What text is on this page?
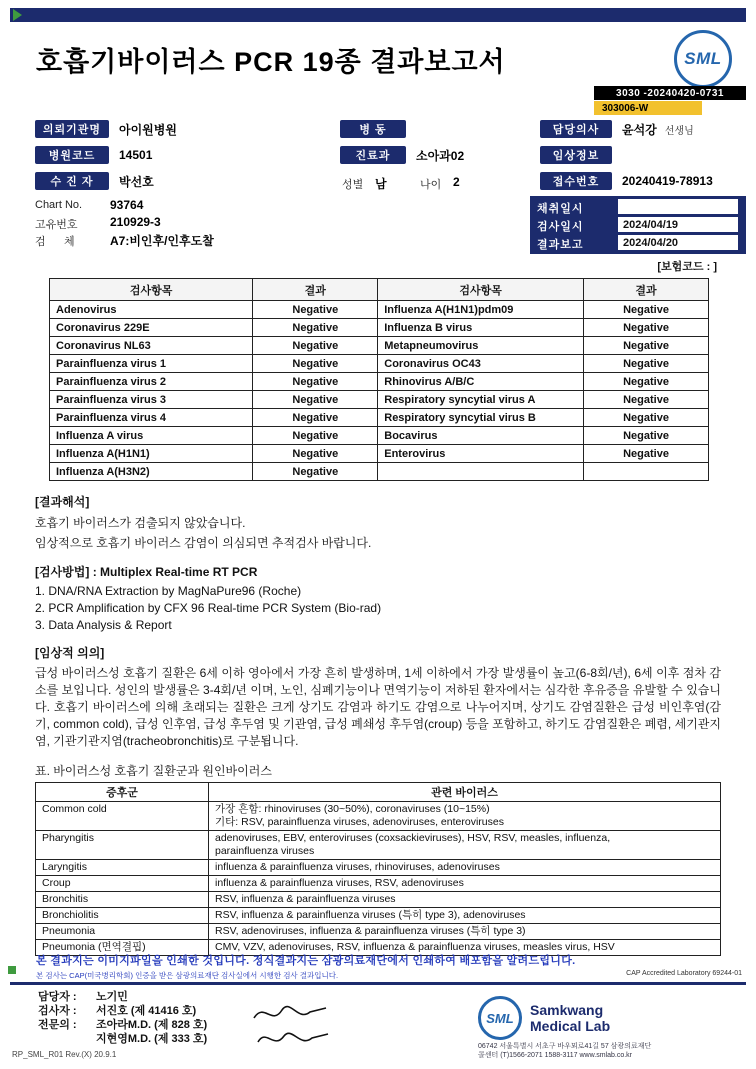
호흡기바이러스 PCR 19종 결과보고서	SML
3030 -20240420-0731
303006-W
의뢰기관명	아이원병원	병 동	담당의사	윤석강 선생님
병원코드	14501	진료과	소아과02	임상정보
수 진 자	박선호	성별 남	나이 2	접수번호	20240419-78913
Chart No. 93764
고유번호	210929-3
검      체	A7:비인후/인후도찰
채취일시
검사일시	2024/04/19
결과보고	2024/04/20
[보험코드 : ]
검사항목	결과	검사항목	결과
Adenovirus	Negative	Influenza A(H1N1)pdm09	Negative
Coronavirus 229E	Negative	Influenza B virus	Negative
Coronavirus NL63	Negative	Metapneumovirus	Negative
Parainfluenza virus 1	Negative	Coronavirus OC43	Negative
Parainfluenza virus 2	Negative	Rhinovirus A/B/C	Negative
Parainfluenza virus 3	Negative	Respiratory syncytial virus A	Negative
Parainfluenza virus 4	Negative	Respiratory syncytial virus B	Negative
Influenza A virus	Negative	Bocavirus	Negative
Influenza A(H1N1)	Negative	Enterovirus	Negative
Influenza A(H3N2)	Negative		
[결과해석]
호흡기 바이러스가 검출되지 않았습니다.
임상적으로 호흡기 바이러스 감염이 의심되면 추적검사 바랍니다.
[검사방법] : Multiplex Real-time RT PCR
1. DNA/RNA Extraction by MagNaPure96 (Roche)
2. PCR Amplification by CFX 96 Real-time PCR System (Bio-rad)
3. Data Analysis & Report
[임상적 의의]
급성 바이러스성 호흡기 질환은 6세 이하 영아에서 가장 흔히 발생하며, 1세 이하에서 가장 발생률이 높고(6-8회/년), 6세 이후 점차 감소를 보입니다. 성인의 발생률은 3-4회/년 이며, 노인, 심폐기능이나 면역기능이 저하된 환자에서는 심각한 후유증을 유발할 수 있습니다. 호흡기 바이러스에 의해 초래되는 질환은 크게 상기도 감염과 하기도 감염으로 나누어지며, 상기도 감염질환은 급성 비인후염(감기, common cold), 급성 인후염, 급성 후두염 및 기관염, 급성 폐쇄성 후두염(croup) 등을 포함하고, 하기도 감염질환은 폐렴, 세기관지염, 기관기관지염(tracheobronchitis)로 구분됩니다.
표. 바이러스성 호흡기 질환군과 원인바이러스
증후군	관련 바이러스
Common cold	가장 흔함: rhinoviruses (30~50%), coronaviruses (10~15%)
기타: RSV, parainfluenza viruses, adenoviruses, enteroviruses

Pharyngitis	adenoviruses, EBV, enteroviruses (coxsackieviruses), HSV, RSV, measles, influenza,
parainfluenza viruses

Laryngitis	influenza & parainfluenza viruses, rhinoviruses, adenoviruses

Croup	influenza & parainfluenza viruses, RSV, adenoviruses

Bronchitis	RSV, influenza & parainfluenza viruses

Bronchiolitis	RSV, influenza & parainfluenza viruses (특히 type 3), adenoviruses

Pneumonia	RSV, adenoviruses, influenza & parainfluenza viruses (특히 type 3)

Pneumonia (면역결핍)	CMV, VZV, adenoviruses, RSV, influenza & parainfluenza viruses, measles virus, HSV
본 결과지는 이미지파일을 인쇄한 것입니다. 정식결과지는 삼광의료재단에서 인쇄하여 배포함을 알려드립니다.
본 검사는 CAP(미국병리학회) 인증을 받은 삼광의료재단 검사실에서 시행한 검사 결과입니다.	CAP Accredited Laboratory 69244-01
담당자 : 노기민
검사자 : 서진호 (제 41416 호)
전문의 : 조아라M.D. (제 828 호)
지현영M.D. (제 333 호)
SML Samkwang
Medical Lab
06742 서울특별시 서초구 바우뫼로41길 57 삼광의료재단
콜센터 (T)1566-2071 1588-3117 www.smlab.co.kr
RP_SML_R01 Rev.(X) 20.9.1
